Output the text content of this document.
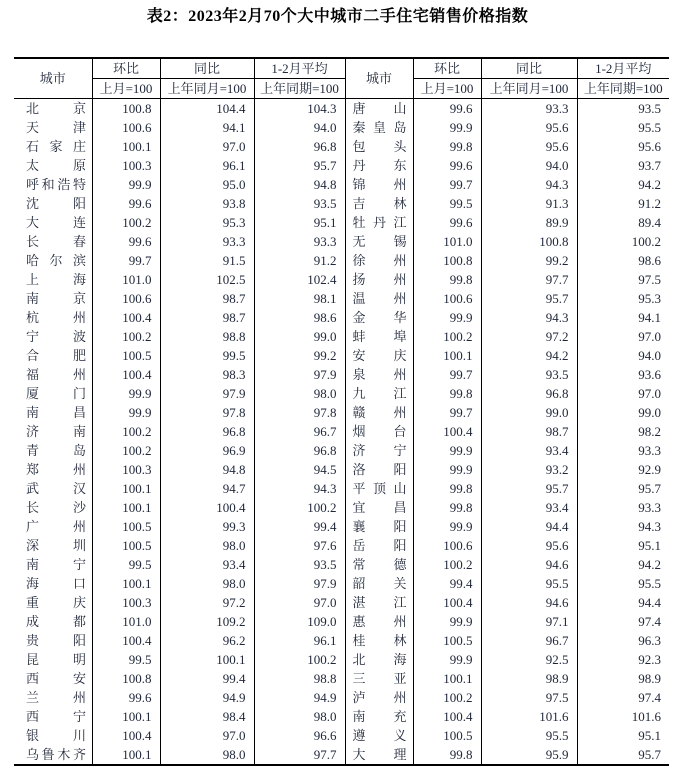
表2：2023年2月70个大中城市二手住宅销售价格指数
城市	环比	同比	1-2月平均	城市	环比	同比	1-2月平均
	上月=100	上年同月=100	上年同期=100		上月=100	上年同月=100	上年同期=100
北京	100.8	104.4	104.3	唐山	99.6	93.3	93.5
天津	100.6	94.1	94.0	秦皇岛	99.9	95.6	95.5
石家庄	100.1	97.0	96.8	包头	99.8	95.6	95.6
太原	100.3	96.1	95.7	丹东	99.6	94.0	93.7
呼和浩特	99.9	95.0	94.8	锦州	99.7	94.3	94.2
沈阳	99.6	93.8	93.5	吉林	99.5	91.3	91.2
大连	100.2	95.3	95.1	牡丹江	99.6	89.9	89.4
长春	99.6	93.3	93.3	无锡	101.0	100.8	100.2
哈尔滨	99.7	91.5	91.2	徐州	100.8	99.2	98.6
上海	101.0	102.5	102.4	扬州	99.8	97.7	97.5
南京	100.6	98.7	98.1	温州	100.6	95.7	95.3
杭州	100.4	98.7	98.6	金华	99.9	94.3	94.1
宁波	100.2	98.8	99.0	蚌埠	100.2	97.2	97.0
合肥	100.5	99.5	99.2	安庆	100.1	94.2	94.0
福州	100.4	98.3	97.9	泉州	99.7	93.5	93.6
厦门	99.9	97.9	98.0	九江	99.8	96.8	97.0
南昌	99.9	97.8	97.8	赣州	99.7	99.0	99.0
济南	100.2	96.8	96.7	烟台	100.4	98.7	98.2
青岛	100.2	96.9	96.8	济宁	99.9	93.4	93.3
郑州	100.3	94.8	94.5	洛阳	99.9	93.2	92.9
武汉	100.1	94.7	94.3	平顶山	99.8	95.7	95.7
长沙	100.1	100.4	100.2	宜昌	99.8	93.4	93.3
广州	100.5	99.3	99.4	襄阳	99.9	94.4	94.3
深圳	100.5	98.0	97.6	岳阳	100.6	95.6	95.1
南宁	99.5	93.4	93.5	常德	100.2	94.6	94.2
海口	100.1	98.0	97.9	韶关	99.4	95.5	95.5
重庆	100.3	97.2	97.0	湛江	100.4	94.6	94.4
成都	101.0	109.2	109.0	惠州	99.9	97.1	97.4
贵阳	100.4	96.2	96.1	桂林	100.5	96.7	96.3
昆明	99.5	100.1	100.2	北海	99.9	92.5	92.3
西安	100.8	99.4	98.8	三亚	100.1	98.9	98.9
兰州	99.6	94.9	94.9	泸州	100.2	97.5	97.4
西宁	100.1	98.4	98.0	南充	100.4	101.6	101.6
银川	100.4	97.0	96.6	遵义	100.5	95.5	95.1
乌鲁木齐	100.1	98.0	97.7	大理	99.8	95.9	95.7
